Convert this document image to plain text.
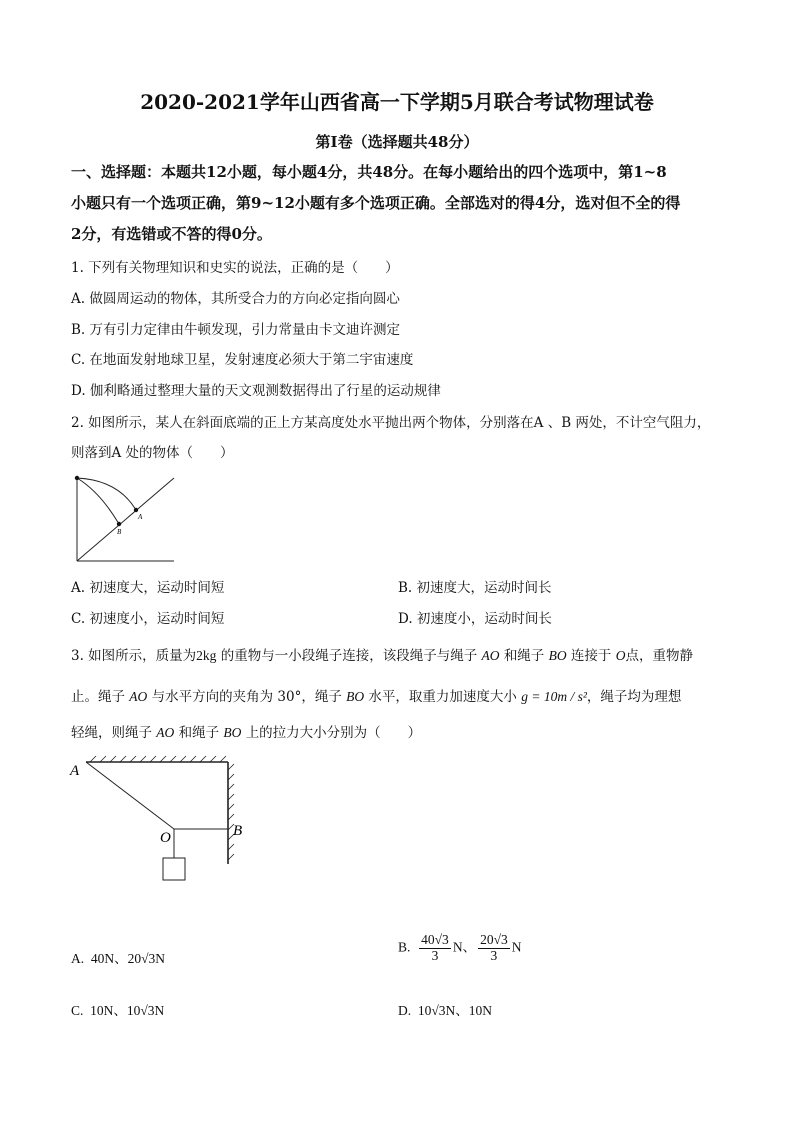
2020-2021学年山西省高一下学期5月联合考试物理试卷
第Ⅰ卷（选择题共48分）
一、选择题：本题共12小题，每小题4分，共48分。在每小题给出的四个选项中，第1~8
小题只有一个选项正确，第9~12小题有多个选项正确。全部选对的得4分，选对但不全的得
2分，有选错或不答的得0分。
1. 下列有关物理知识和史实的说法，正确的是（　　）
A. 做圆周运动的物体，其所受合力的方向必定指向圆心
B. 万有引力定律由牛顿发现，引力常量由卡文迪许测定
C. 在地面发射地球卫星，发射速度必须大于第二宇宙速度
D. 伽利略通过整理大量的天文观测数据得出了行星的运动规律
2. 如图所示，某人在斜面底端的正上方某高度处水平抛出两个物体，分别落在A 、B 两处，不计空气阻力，
则落到A 处的物体（　　）
A
B
A. 初速度大，运动时间短	B. 初速度大，运动时间长
C. 初速度小，运动时间短	D. 初速度小，运动时间长
3. 如图所示，质量为2kg 的重物与一小段绳子连接，该段绳子与绳子 AO 和绳子 BO 连接于 O点，重物静
止。绳子 AO 与水平方向的夹角为 30°，绳子 BO 水平，取重力加速度大小 g = 10m / s²，绳子均为理想
轻绳，则绳子 AO 和绳子 BO 上的拉力大小分别为（　　）
A
O	B
A. 40N、20√3N
B. $\frac{40√3}{3}$ N、 $\frac{20√3}{3}$ N
C. 10N、10√3N	D. 10√3N、10N
